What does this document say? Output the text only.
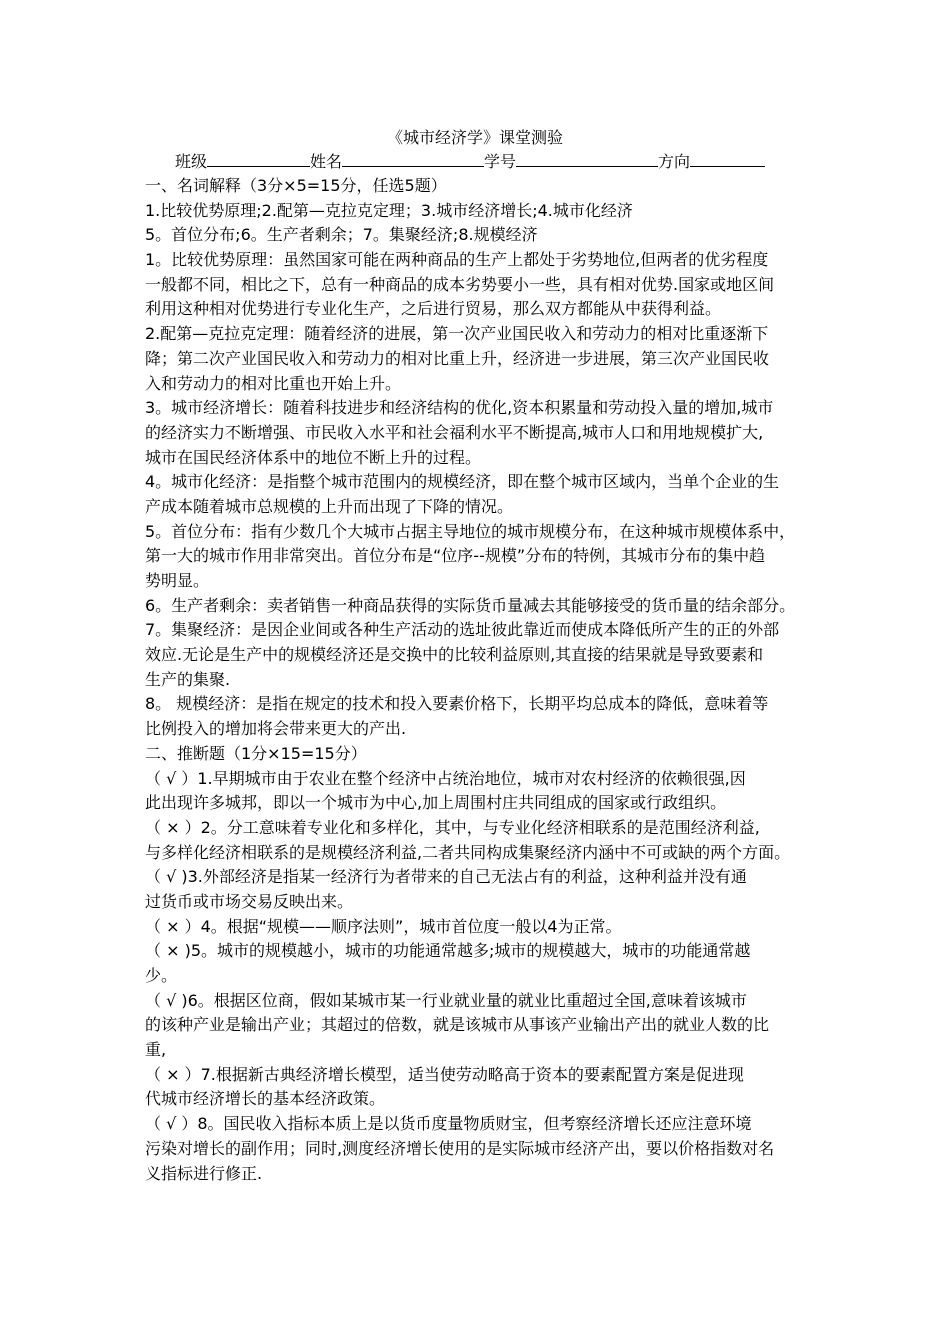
《城市经济学》课堂测验
班级	姓名	学号	方向
一、名词解释（3分×5=15分，任选5题）
1.比较优势原理;2.配第—克拉克定理；3.城市经济增长;4.城市化经济
5。首位分布;6。生产者剩余；7。集聚经济;8.规模经济
1。比较优势原理：虽然国家可能在两种商品的生产上都处于劣势地位,但两者的优劣程度
一般都不同，相比之下，总有一种商品的成本劣势要小一些，具有相对优势.国家或地区间
利用这种相对优势进行专业化生产，之后进行贸易，那么双方都能从中获得利益。
2.配第—克拉克定理：随着经济的进展，第一次产业国民收入和劳动力的相对比重逐渐下
降；第二次产业国民收入和劳动力的相对比重上升，经济进一步进展，第三次产业国民收
入和劳动力的相对比重也开始上升。
3。城市经济增长：随着科技进步和经济结构的优化,资本积累量和劳动投入量的增加,城市
的经济实力不断增强、市民收入水平和社会福利水平不断提高,城市人口和用地规模扩大,
城市在国民经济体系中的地位不断上升的过程。
4。城市化经济：是指整个城市范围内的规模经济，即在整个城市区域内，当单个企业的生
产成本随着城市总规模的上升而出现了下降的情况。
5。首位分布：指有少数几个大城市占据主导地位的城市规模分布，在这种城市规模体系中，
第一大的城市作用非常突出。首位分布是“位序--规模”分布的特例，其城市分布的集中趋
势明显。
6。生产者剩余：卖者销售一种商品获得的实际货币量减去其能够接受的货币量的结余部分。
7。集聚经济：是因企业间或各种生产活动的选址彼此靠近而使成本降低所产生的正的外部
效应.无论是生产中的规模经济还是交换中的比较利益原则,其直接的结果就是导致要素和
生产的集聚.
8。 规模经济：是指在规定的技术和投入要素价格下，长期平均总成本的降低，意味着等
比例投入的增加将会带来更大的产出.
二、推断题（1分×15=15分）
（ √ ）1.早期城市由于农业在整个经济中占统治地位，城市对农村经济的依赖很强,因
此出现许多城邦，即以一个城市为中心,加上周围村庄共同组成的国家或行政组织。
（ × ）2。分工意味着专业化和多样化，其中，与专业化经济相联系的是范围经济利益,
与多样化经济相联系的是规模经济利益,二者共同构成集聚经济内涵中不可或缺的两个方面。
（ √ )3.外部经济是指某一经济行为者带来的自己无法占有的利益，这种利益并没有通
过货币或市场交易反映出来。
（ × ）4。根据“规模——顺序法则”，城市首位度一般以4为正常。
（ × )5。城市的规模越小，城市的功能通常越多;城市的规模越大，城市的功能通常越
少。
（ √ )6。根据区位商，假如某城市某一行业就业量的就业比重超过全国,意味着该城市
的该种产业是输出产业；其超过的倍数，就是该城市从事该产业输出产出的就业人数的比
重,
（ × ）7.根据新古典经济增长模型，适当使劳动略高于资本的要素配置方案是促进现
代城市经济增长的基本经济政策。
（ √ ）8。国民收入指标本质上是以货币度量物质财宝，但考察经济增长还应注意环境
污染对增长的副作用；同时,测度经济增长使用的是实际城市经济产出，要以价格指数对名
义指标进行修正.
